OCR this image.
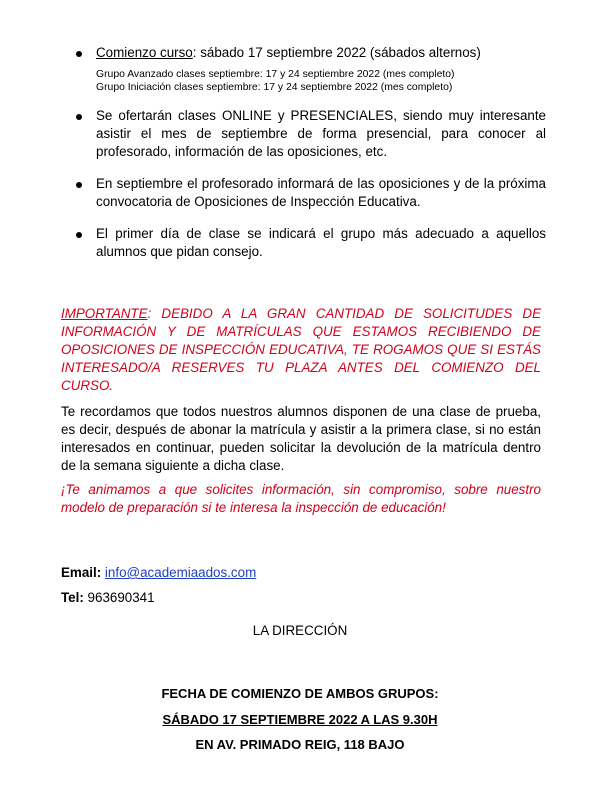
Comienzo curso: sábado 17 septiembre 2022 (sábados alternos)
Grupo Avanzado clases septiembre: 17 y 24 septiembre 2022 (mes completo)
Grupo Iniciación clases septiembre: 17 y 24 septiembre 2022 (mes completo)
Se ofertarán clases ONLINE y PRESENCIALES, siendo muy interesante asistir el mes de septiembre de forma presencial, para conocer al profesorado, información de las oposiciones, etc.
En septiembre el profesorado informará de las oposiciones y de la próxima convocatoria de Oposiciones de Inspección Educativa.
El primer día de clase se indicará el grupo más adecuado a aquellos alumnos que pidan consejo.
IMPORTANTE: DEBIDO A LA GRAN CANTIDAD DE SOLICITUDES DE INFORMACIÓN Y DE MATRÍCULAS QUE ESTAMOS RECIBIENDO DE OPOSICIONES DE INSPECCIÓN EDUCATIVA, TE ROGAMOS QUE SI ESTÁS INTERESADO/A RESERVES TU PLAZA ANTES DEL COMIENZO DEL CURSO.
Te recordamos que todos nuestros alumnos disponen de una clase de prueba, es decir, después de abonar la matrícula y asistir a la primera clase, si no están interesados en continuar, pueden solicitar la devolución de la matrícula dentro de la semana siguiente a dicha clase.
¡Te animamos a que solicites información, sin compromiso, sobre nuestro modelo de preparación si te interesa la inspección de educación!
Email: info@academiaados.com
Tel: 963690341
LA DIRECCIÓN
FECHA DE COMIENZO DE AMBOS GRUPOS:
SÁBADO 17 SEPTIEMBRE 2022 A LAS 9.30H
EN AV. PRIMADO REIG, 118 BAJO
